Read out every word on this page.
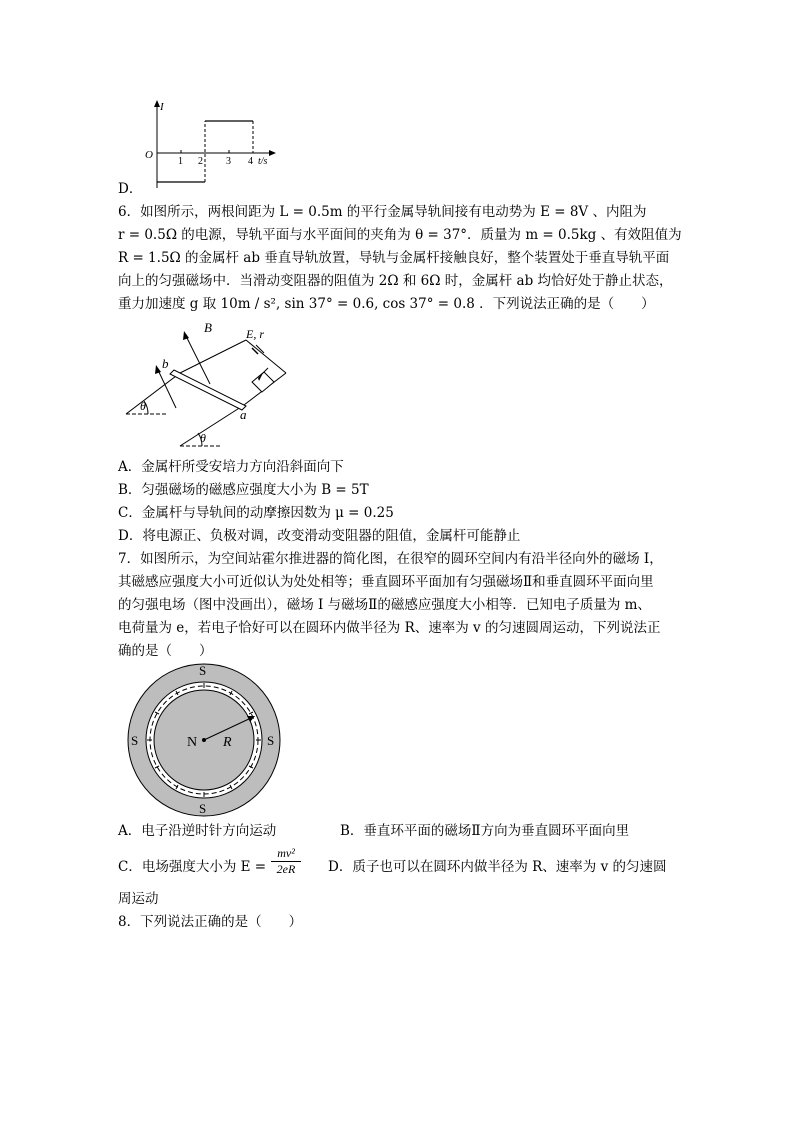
I
O
1 2 3 4 t/s
D．
6．如图所示，两根间距为 L = 0.5m 的平行金属导轨间接有电动势为 E = 8V 、内阻为
r = 0.5Ω 的电源，导轨平面与水平面间的夹角为 θ = 37°．质量为 m = 0.5kg 、有效阻值为
R = 1.5Ω 的金属杆 ab 垂直导轨放置，导轨与金属杆接触良好，整个装置处于垂直导轨平面
向上的匀强磁场中．当滑动变阻器的阻值为 2Ω 和 6Ω 时，金属杆 ab 均恰好处于静止状态，
重力加速度 g 取 10m / s², sin 37° = 0.6, cos 37° = 0.8 ．下列说法正确的是（　　）
B	E, r
b
a
θ
θ
A．金属杆所受安培力方向沿斜面向下
B．匀强磁场的磁感应强度大小为 B = 5T
C．金属杆与导轨间的动摩擦因数为 μ = 0.25
D．将电源正、负极对调，改变滑动变阻器的阻值，金属杆可能静止
7．如图所示，为空间站霍尔推进器的简化图，在很窄的圆环空间内有沿半径向外的磁场 I，
其磁感应强度大小可近似认为处处相等；垂直圆环平面加有匀强磁场Ⅱ和垂直圆环平面向里
的匀强电场（图中没画出），磁场 I 与磁场Ⅱ的磁感应强度大小相等．已知电子质量为 m、
电荷量为 e，若电子恰好可以在圆环内做半径为 R、速率为 v 的匀速圆周运动，下列说法正
确的是（　　）
N R
S
S	S
S
A．电子沿逆时针方向运动	B．垂直环平面的磁场Ⅱ方向为垂直圆环平面向里
C．电场强度大小为 $E = \frac{\text{mv²}}{2eR}$ D．质子也可以在圆环内做半径为 R、速率为 v 的匀速圆
周运动
8．下列说法正确的是（　　）
